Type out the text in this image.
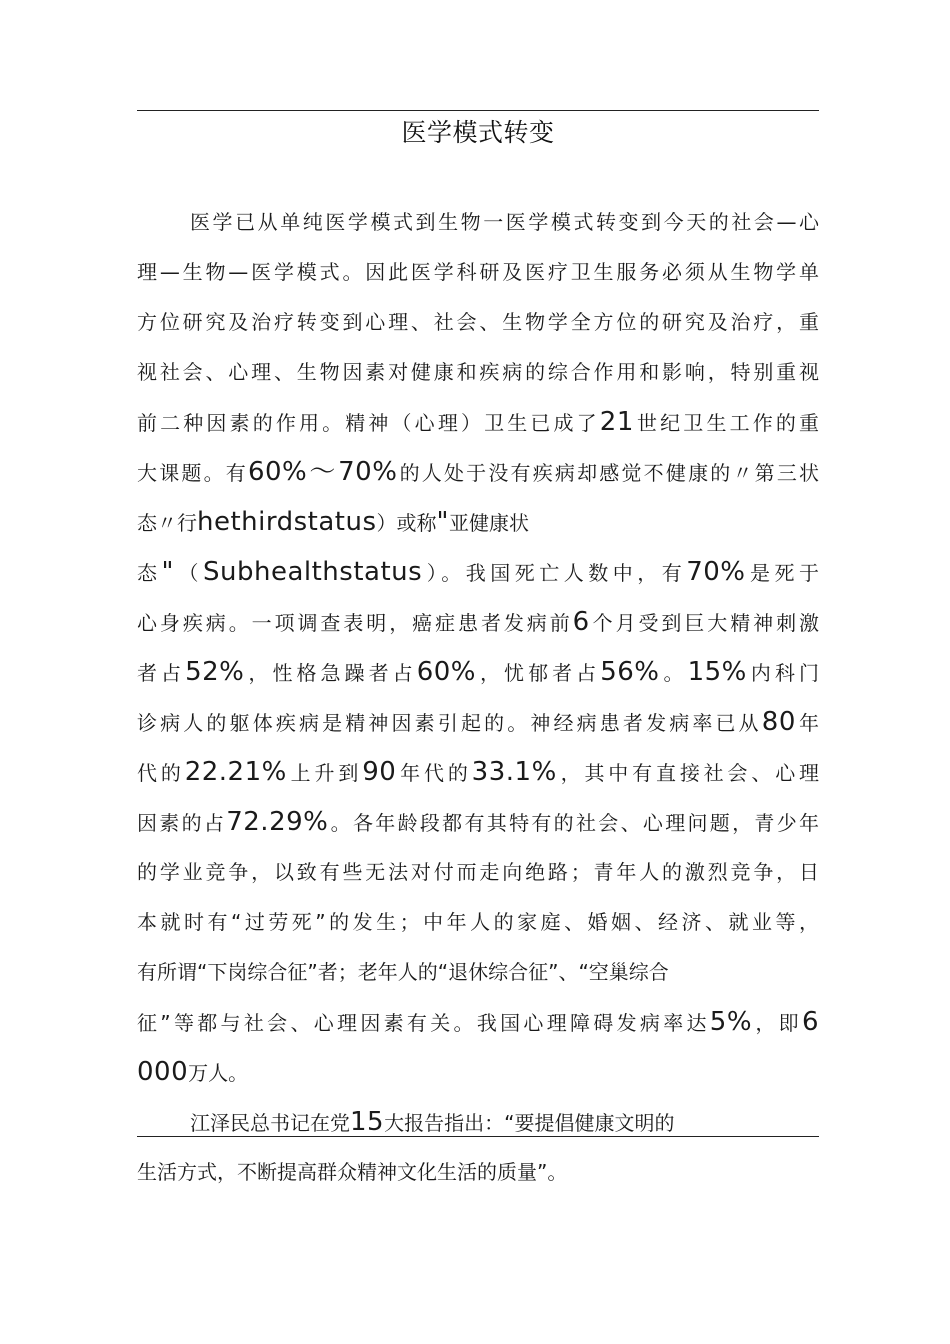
医学模式转变
医学已从单纯医学模式到生物一医学模式转变到今天的社会—心
理—生物—医学模式。因此医学科研及医疗卫生服务必须从生物学单
方位研究及治疗转变到心理、社会、生物学全方位的研究及治疗，重
视社会、心理、生物因素对健康和疾病的综合作用和影响，特别重视
前二种因素的作用。精神（心理）卫生已成了21世纪卫生工作的重
大课题。有60%〜70%的人处于没有疾病却感觉不健康的〃第三状
态〃行hethirdstatus）或称"亚健康状
态"（Subhealthstatus）。我国死亡人数中，有70%是死于
心身疾病。一项调查表明，癌症患者发病前6个月受到巨大精神刺激
者占52%，性格急躁者占60%，忧郁者占56%。15%内科门
诊病人的躯体疾病是精神因素引起的。神经病患者发病率已从80年
代的22.21%上升到90年代的33.1%，其中有直接社会、心理
因素的占72.29%。各年龄段都有其特有的社会、心理问题，青少年
的学业竞争，以致有些无法对付而走向绝路；青年人的激烈竞争，日
本就时有“过劳死”的发生；中年人的家庭、婚姻、经济、就业等，
有所谓“下岗综合征”者；老年人的“退休综合征”、“空巢综合
征”等都与社会、心理因素有关。我国心理障碍发病率达5%，即6
000万人。
江泽民总书记在党15大报告指出：“要提倡健康文明的
生活方式，不断提高群众精神文化生活的质量”。
